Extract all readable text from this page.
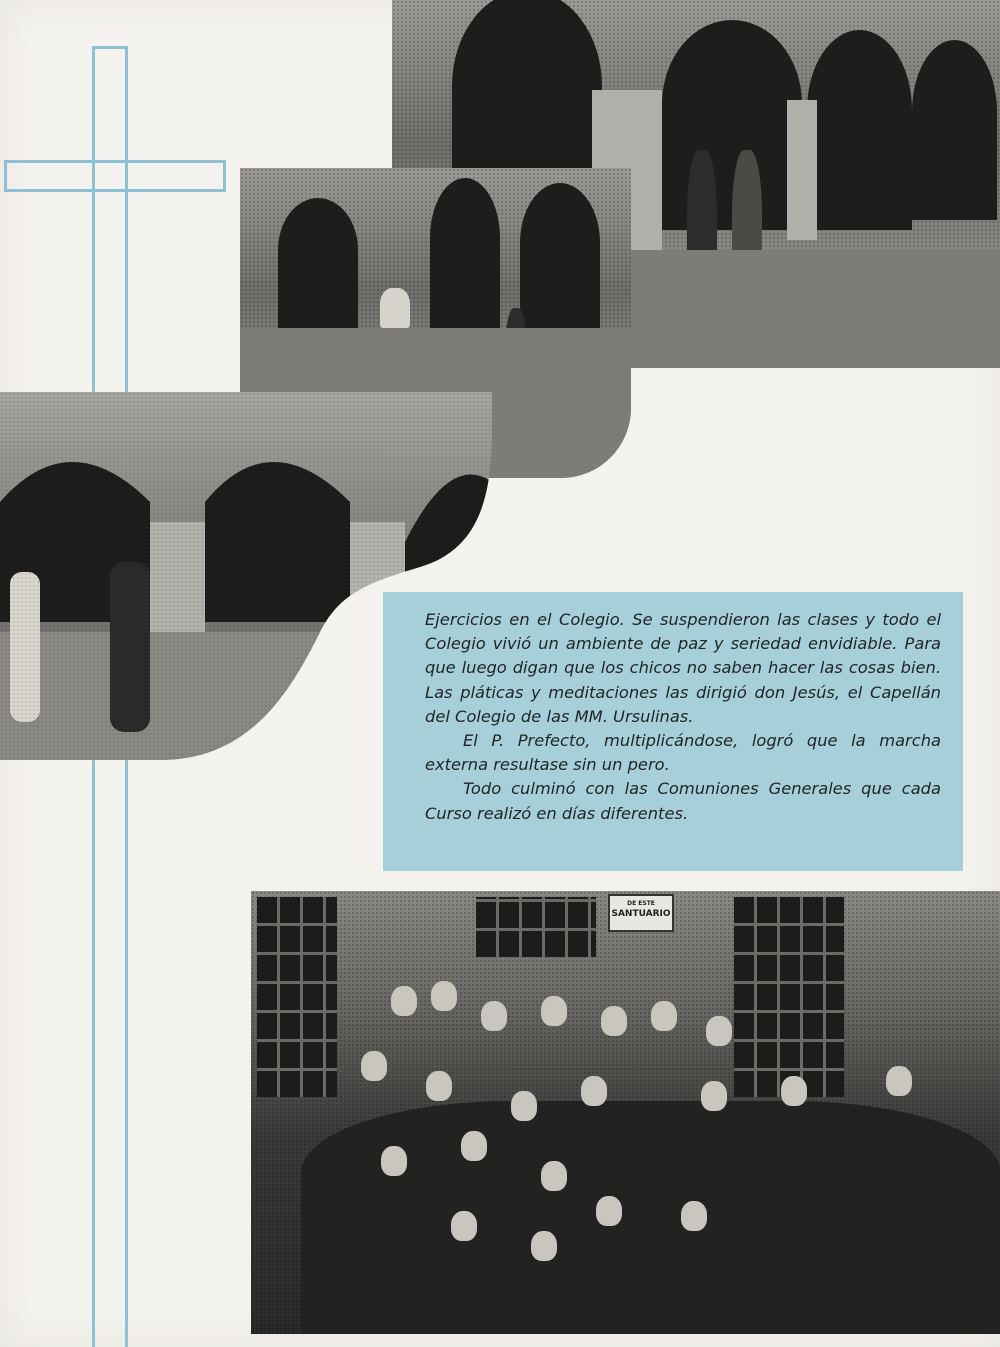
Ejercicios en el Colegio. Se suspendieron las clases y todo el Colegio vivió un ambiente de paz y seriedad envidiable. Para que luego digan que los chicos no saben hacer las cosas bien. Las pláticas y meditaciones las dirigió don Jesús, el Capellán del Colegio de las MM. Ursulinas.

El P. Prefecto, multiplicándose, logró que la marcha externa resultase sin un pero.

Todo culminó con las Comuniones Generales que cada Curso realizó en días diferentes.

DE ESTE
SANTUARIO
